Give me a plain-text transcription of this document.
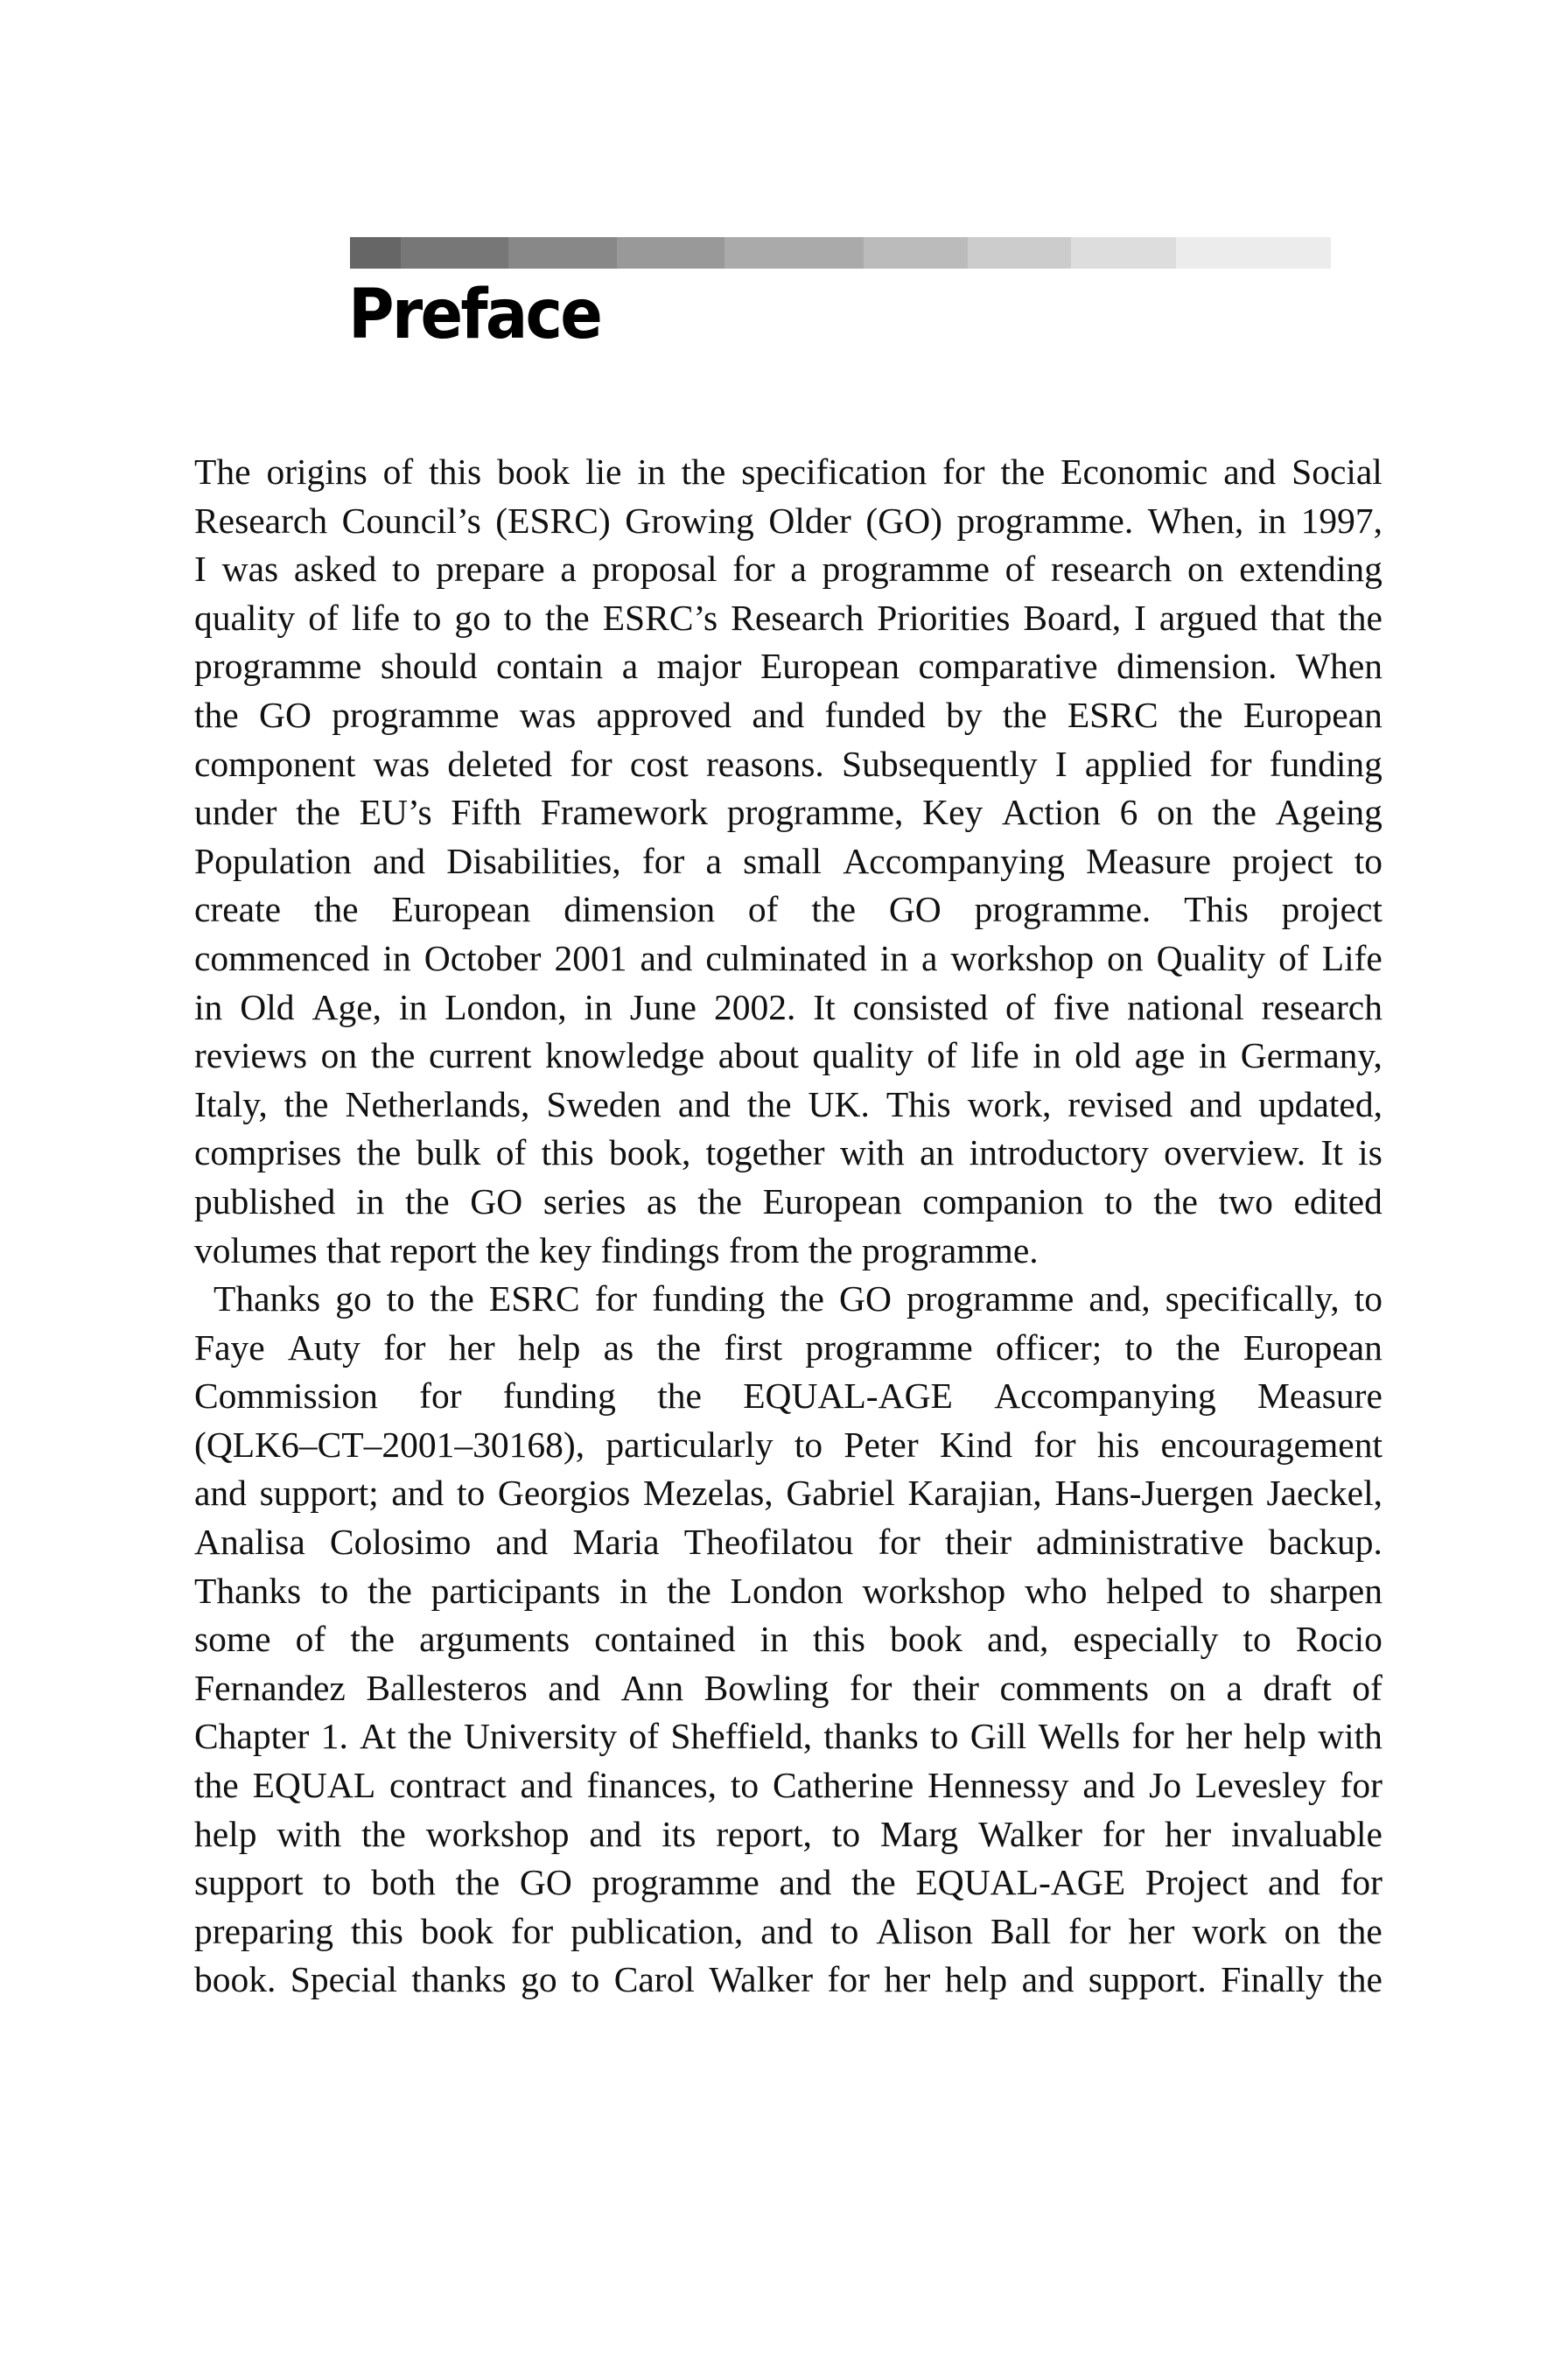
Preface
The origins of this book lie in the specification for the Economic and Social
Research Council’s (ESRC) Growing Older (GO) programme. When, in 1997,
I was asked to prepare a proposal for a programme of research on extending
quality of life to go to the ESRC’s Research Priorities Board, I argued that the
programme should contain a major European comparative dimension. When
the GO programme was approved and funded by the ESRC the European
component was deleted for cost reasons. Subsequently I applied for funding
under the EU’s Fifth Framework programme, Key Action 6 on the Ageing
Population and Disabilities, for a small Accompanying Measure project to
create the European dimension of the GO programme. This project
commenced in October 2001 and culminated in a workshop on Quality of Life
in Old Age, in London, in June 2002. It consisted of five national research
reviews on the current knowledge about quality of life in old age in Germany,
Italy, the Netherlands, Sweden and the UK. This work, revised and updated,
comprises the bulk of this book, together with an introductory overview. It is
published in the GO series as the European companion to the two edited
volumes that report the key findings from the programme.
Thanks go to the ESRC for funding the GO programme and, specifically, to
Faye Auty for her help as the first programme officer; to the European
Commission for funding the EQUAL-AGE Accompanying Measure
(QLK6–CT–2001–30168), particularly to Peter Kind for his encouragement
and support; and to Georgios Mezelas, Gabriel Karajian, Hans-Juergen Jaeckel,
Analisa Colosimo and Maria Theofilatou for their administrative backup.
Thanks to the participants in the London workshop who helped to sharpen
some of the arguments contained in this book and, especially to Rocio
Fernandez Ballesteros and Ann Bowling for their comments on a draft of
Chapter 1. At the University of Sheffield, thanks to Gill Wells for her help with
the EQUAL contract and finances, to Catherine Hennessy and Jo Levesley for
help with the workshop and its report, to Marg Walker for her invaluable
support to both the GO programme and the EQUAL-AGE Project and for
preparing this book for publication, and to Alison Ball for her work on the
book. Special thanks go to Carol Walker for her help and support. Finally the
